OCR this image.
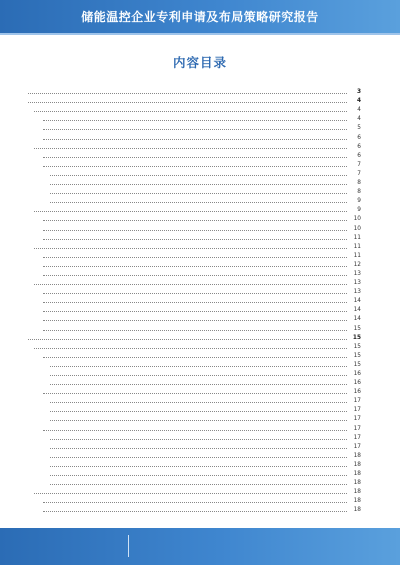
储能温控企业专利申请及布局策略研究报告
内容目录
3
4
4
4
5
6
6
6
7
7
8
8
9
9
10
10
11
11
11
12
13
13
13
14
14
14
15
15
15
15
15
16
16
16
17
17
17
17
17
17
18
18
18
18
18
18
18
